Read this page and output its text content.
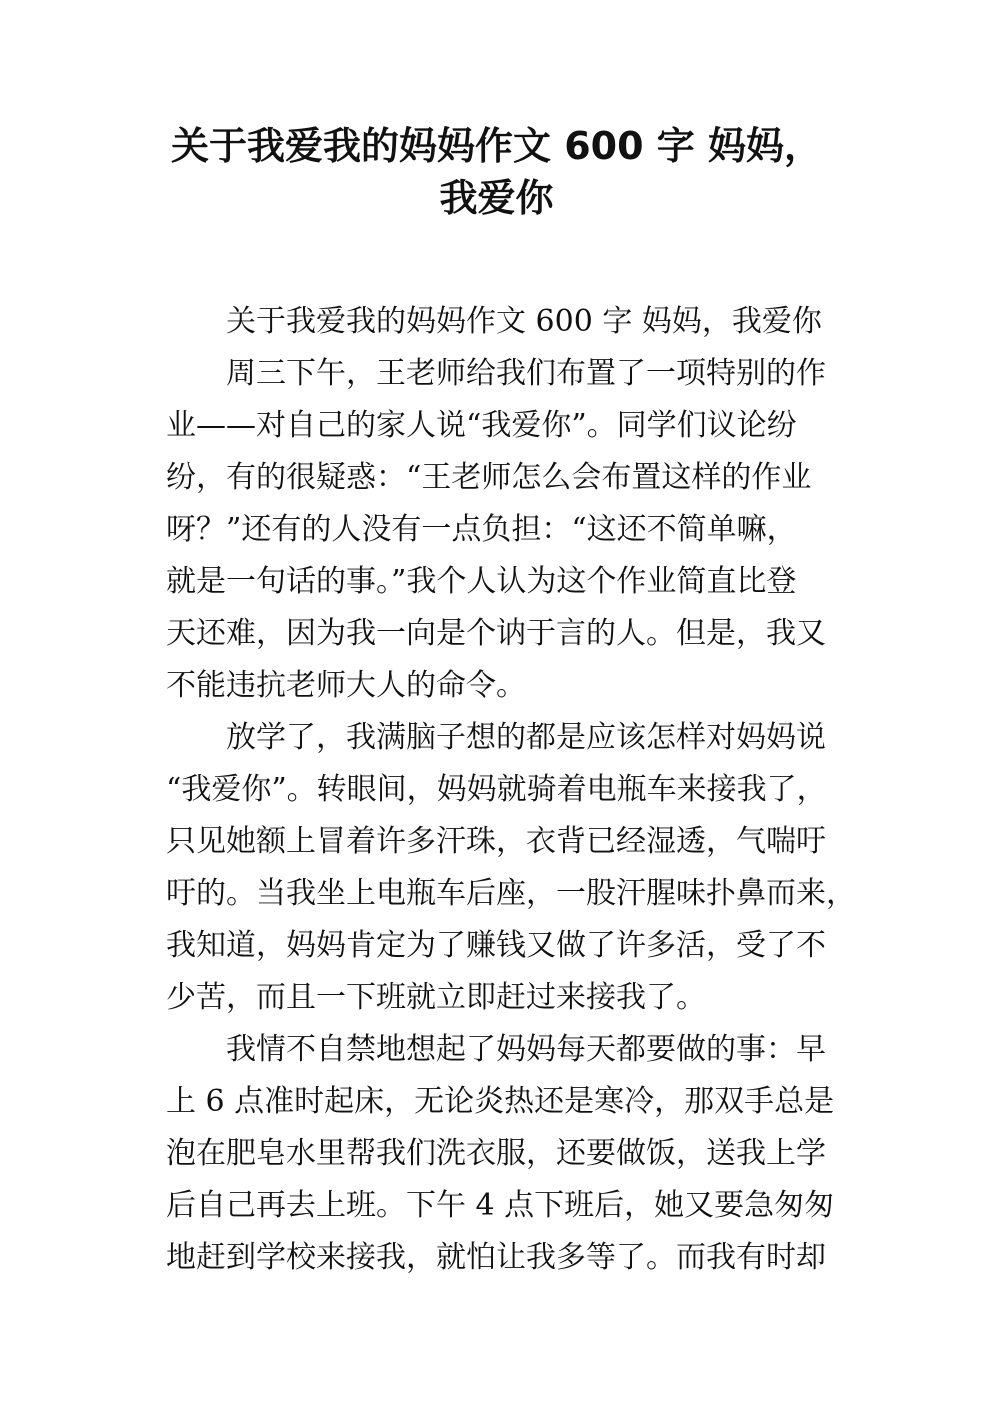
关于我爱我的妈妈作文 600 字 妈妈，
我爱你
关于我爱我的妈妈作文 600 字 妈妈，我爱你
周三下午，王老师给我们布置了一项特别的作
业——对自己的家人说“我爱你”。同学们议论纷
纷，有的很疑惑：“王老师怎么会布置这样的作业
呀？”还有的人没有一点负担：“这还不简单嘛，
就是一句话的事。”我个人认为这个作业简直比登
天还难，因为我一向是个讷于言的人。但是，我又
不能违抗老师大人的命令。
放学了，我满脑子想的都是应该怎样对妈妈说
“我爱你”。转眼间，妈妈就骑着电瓶车来接我了，
只见她额上冒着许多汗珠，衣背已经湿透，气喘吁
吁的。当我坐上电瓶车后座，一股汗腥味扑鼻而来，
我知道，妈妈肯定为了赚钱又做了许多活，受了不
少苦，而且一下班就立即赶过来接我了。
我情不自禁地想起了妈妈每天都要做的事：早
上 6 点准时起床，无论炎热还是寒冷，那双手总是
泡在肥皂水里帮我们洗衣服，还要做饭，送我上学
后自己再去上班。下午 4 点下班后，她又要急匆匆
地赶到学校来接我，就怕让我多等了。而我有时却
